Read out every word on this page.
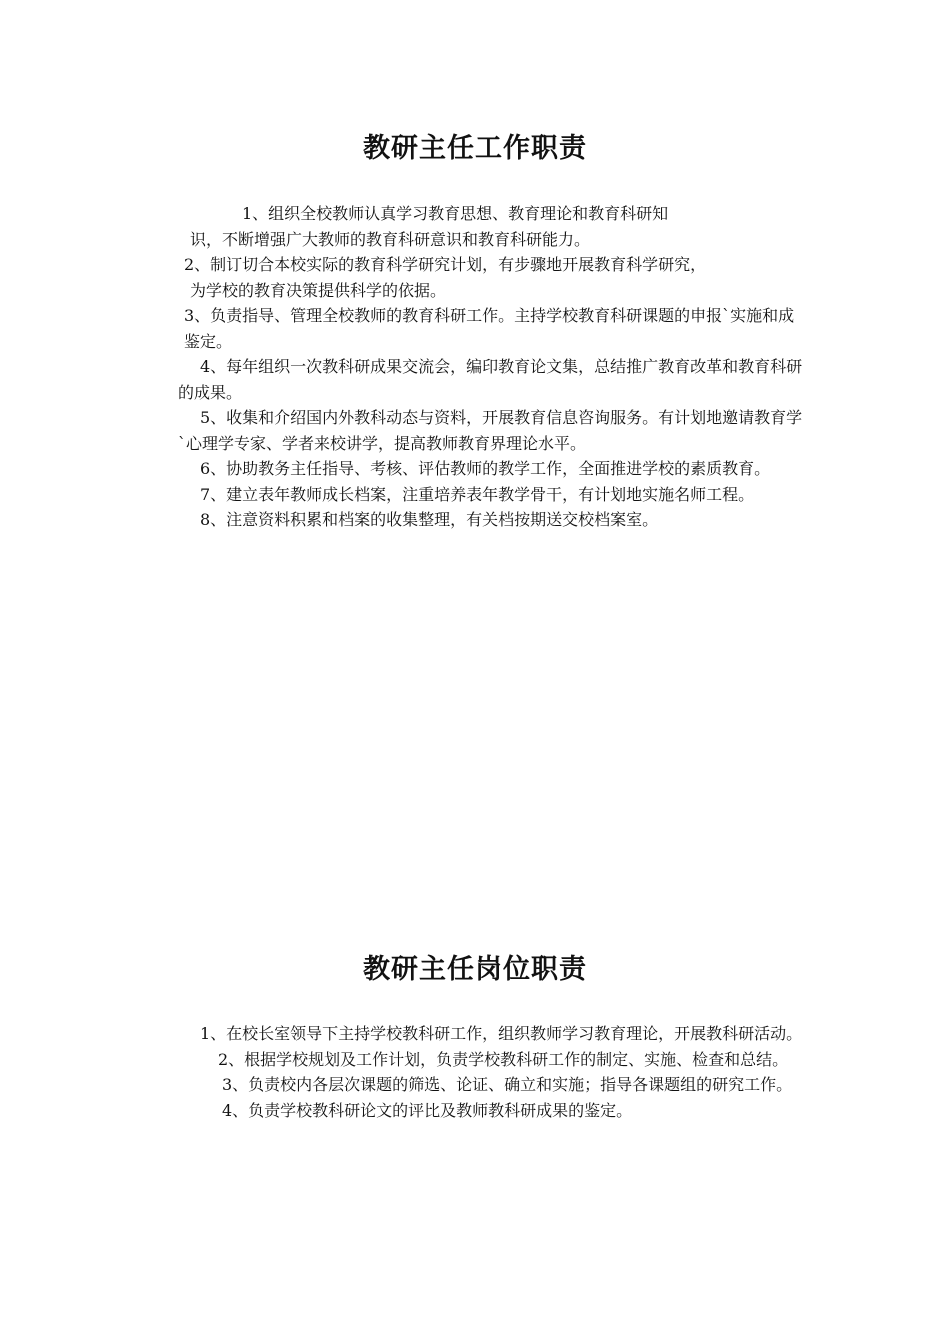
教研主任工作职责

1、组织全校教师认真学习教育思想、教育理论和教育科研知

识，不断增强广大教师的教育科研意识和教育科研能力。

2、制订切合本校实际的教育科学研究计划，有步骤地开展教育科学研究，

为学校的教育决策提供科学的依据。

3、负责指导、管理全校教师的教育科研工作。主持学校教育科研课题的申报`实施和成鉴定。

4、每年组织一次教科研成果交流会，编印教育论文集，总结推广教育改革和教育科研的成果。

5、收集和介绍国内外教科动态与资料，开展教育信息咨询服务。有计划地邀请教育学`心理学专家、学者来校讲学，提高教师教育界理论水平。

6、协助教务主任指导、考核、评估教师的教学工作，全面推进学校的素质教育。

7、建立表年教师成长档案，注重培养表年教学骨干，有计划地实施名师工程。

8、注意资料积累和档案的收集整理，有关档按期送交校档案室。

教研主任岗位职责

1、在校长室领导下主持学校教科研工作，组织教师学习教育理论，开展教科研活动。

2、根据学校规划及工作计划，负责学校教科研工作的制定、实施、检查和总结。

3、负责校内各层次课题的筛选、论证、确立和实施；指导各课题组的研究工作。

4、负责学校教科研论文的评比及教师教科研成果的鉴定。
